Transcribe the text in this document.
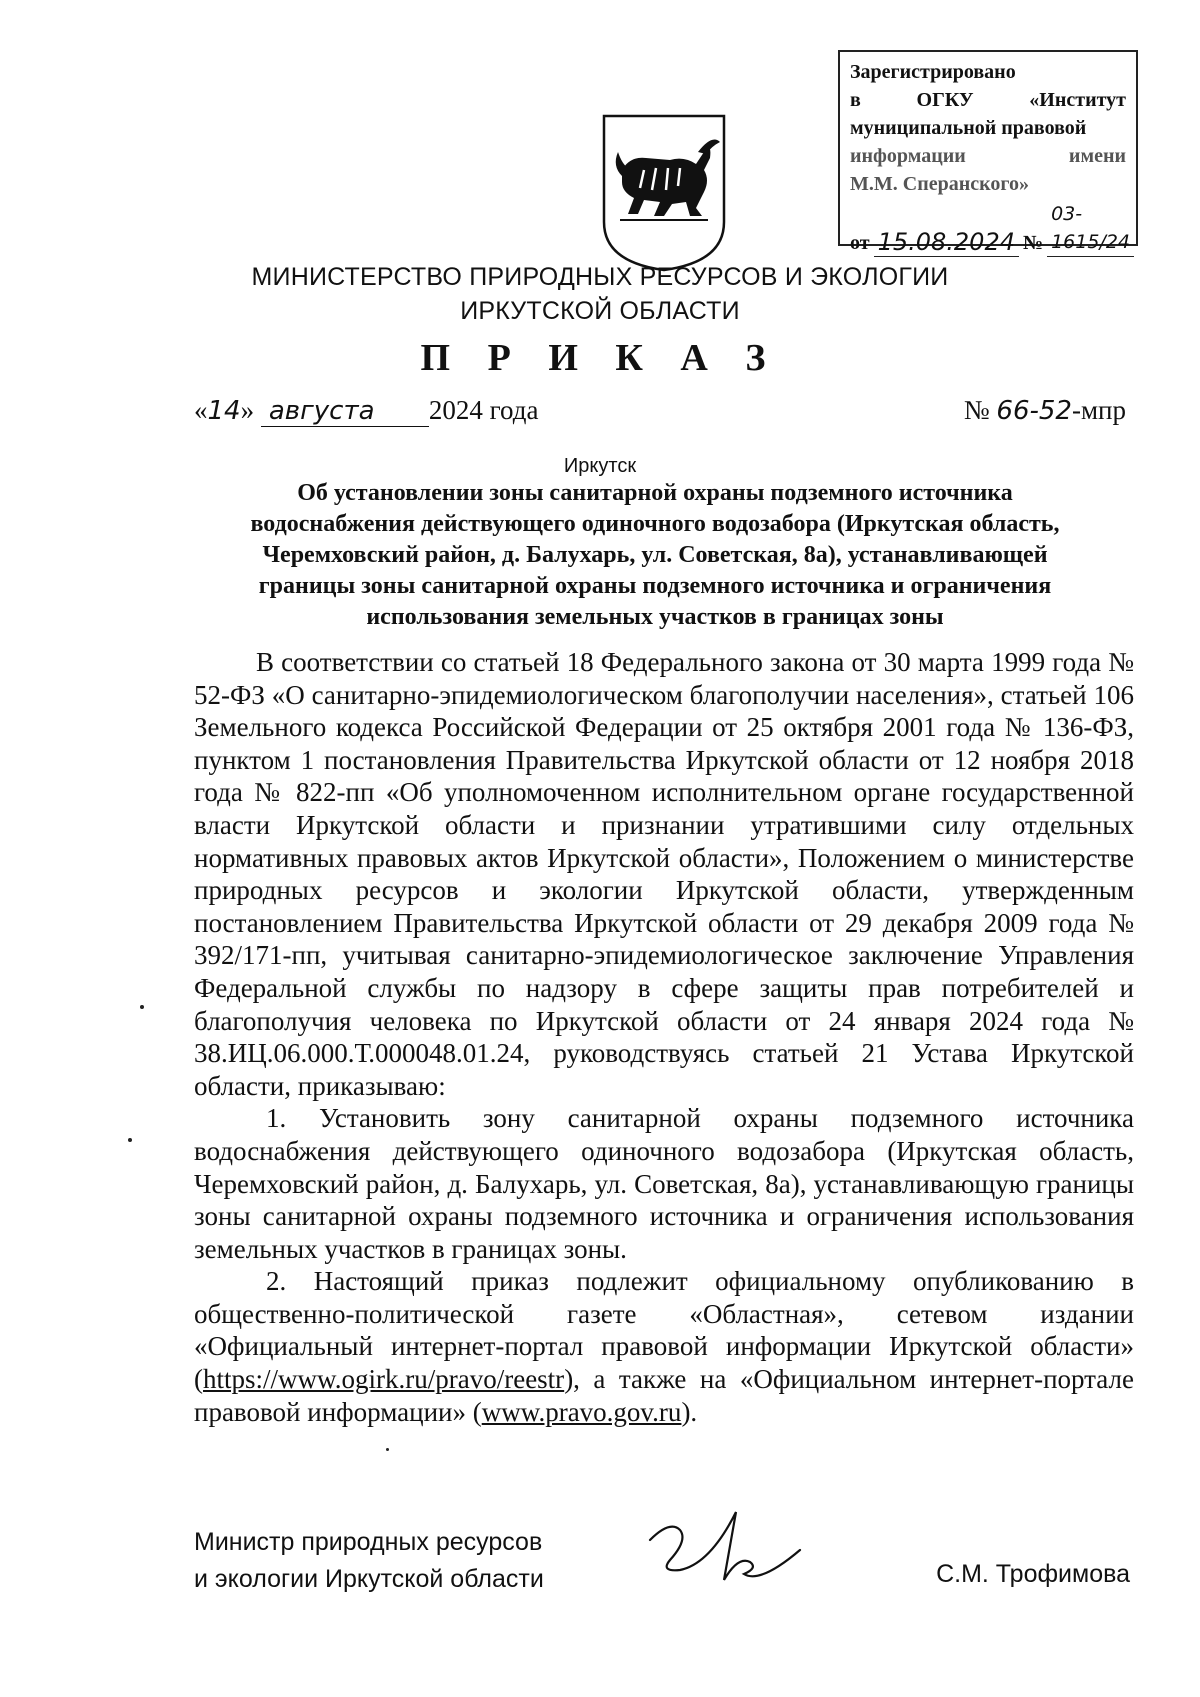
Зарегистрировано
в	ОГКУ	«Институт
муниципальной правовой
информации	имени
М.М. Сперанского»
от 15.08.2024 №
03-1615/24
МИНИСТЕРСТВО ПРИРОДНЫХ РЕСУРСОВ И ЭКОЛОГИИ
ИРКУТСКОЙ ОБЛАСТИ
П Р И К А З
«14» августа 2024 года	№ 66-52-мпр
Иркутск
Об установлении зоны санитарной охраны подземного источника водоснабжения действующего одиночного водозабора (Иркутская область, Черемховский район, д. Балухарь, ул. Советская, 8а), устанавливающей границы зоны санитарной охраны подземного источника и ограничения использования земельных участков в границах зоны

В соответствии со статьей 18 Федерального закона от 30 марта 1999 года № 52-ФЗ «О санитарно-эпидемиологическом благополучии населения», статьей 106 Земельного кодекса Российской Федерации от 25 октября 2001 года № 136-ФЗ, пунктом 1 постановления Правительства Иркутской области от 12 ноября 2018 года № 822-пп «Об уполномоченном исполнительном органе государственной власти Иркутской области и признании утратившими силу отдельных нормативных правовых актов Иркутской области», Положением о министерстве природных ресурсов и экологии Иркутской области, утвержденным постановлением Правительства Иркутской области от 29 декабря 2009 года № 392/171-пп, учитывая санитарно-эпидемиологическое заключение Управления Федеральной службы по надзору в сфере защиты прав потребителей и благополучия человека по Иркутской области от 24 января 2024 года № 38.ИЦ.06.000.Т.000048.01.24, руководствуясь статьей 21 Устава Иркутской области, приказываю:

1. Установить зону санитарной охраны подземного источника водоснабжения действующего одиночного водозабора (Иркутская область, Черемховский район, д. Балухарь, ул. Советская, 8а), устанавливающую границы зоны санитарной охраны подземного источника и ограничения использования земельных участков в границах зоны.

2. Настоящий приказ подлежит официальному опубликованию в общественно-политической газете «Областная», сетевом издании «Официальный интернет-портал правовой информации Иркутской области» (https://www.ogirk.ru/pravo/reestr), а также на «Официальном интернет-портале правовой информации» (www.pravo.gov.ru).

Министр природных ресурсов
и экологии Иркутской области	С.М. Трофимова
